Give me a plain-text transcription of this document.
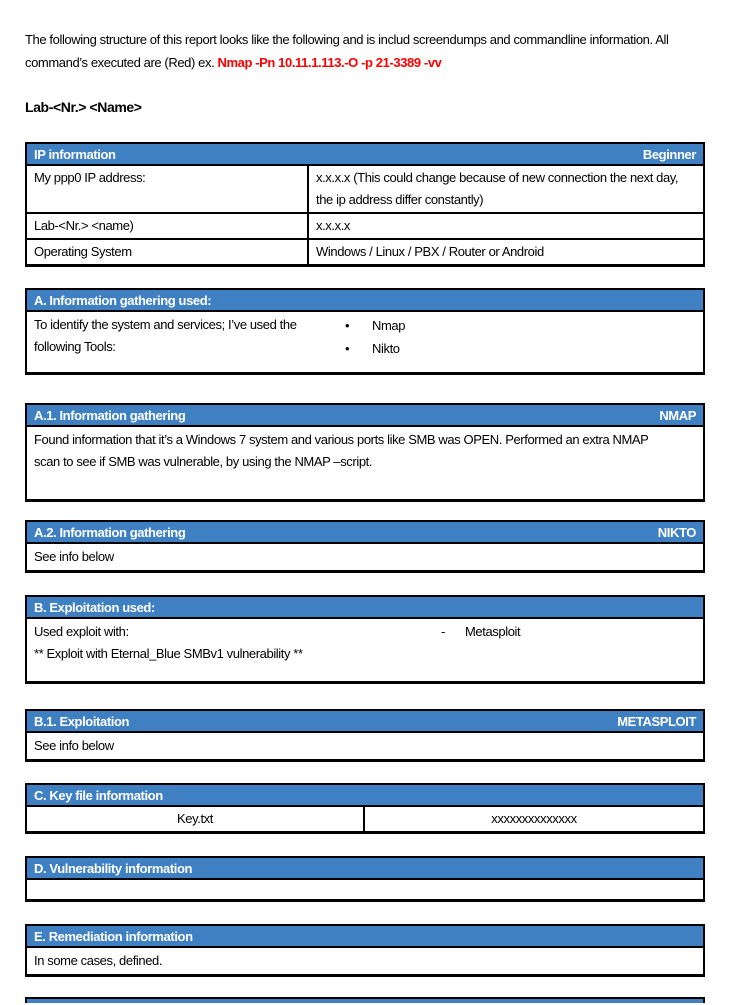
The following structure of this report looks like the following and is includ screendumps and commandline information. All command’s executed are (Red) ex. Nmap -Pn 10.11.1.113.-O -p 21-3389 -vv

Lab-<Nr.> <Name>
IP information	Beginner
My ppp0 IP address:	x.x.x.x (This could change because of new connection the next day, the ip address differ constantly)
Lab-<Nr.> <name)	x.x.x.x
Operating System	Windows / Linux / PBX / Router or Android
A. Information gathering used:
To identify the system and services; I’ve used the following Tools:
• Nmap
• Nikto
A.1. Information gathering	NMAP
Found information that it’s a Windows 7 system and various ports like SMB was OPEN. Performed an extra NMAP scan to see if SMB was vulnerable, by using the NMAP –script.
A.2. Information gathering	NIKTO
See info below
B. Exploitation used:
Used exploit with:	-	Metasploit
** Exploit with Eternal_Blue SMBv1 vulnerability **
B.1. Exploitation	METASPLOIT
See info below
C. Key file information
Key.txt	xxxxxxxxxxxxxx
D. Vulnerability information
E. Remediation information
In some cases, defined.
